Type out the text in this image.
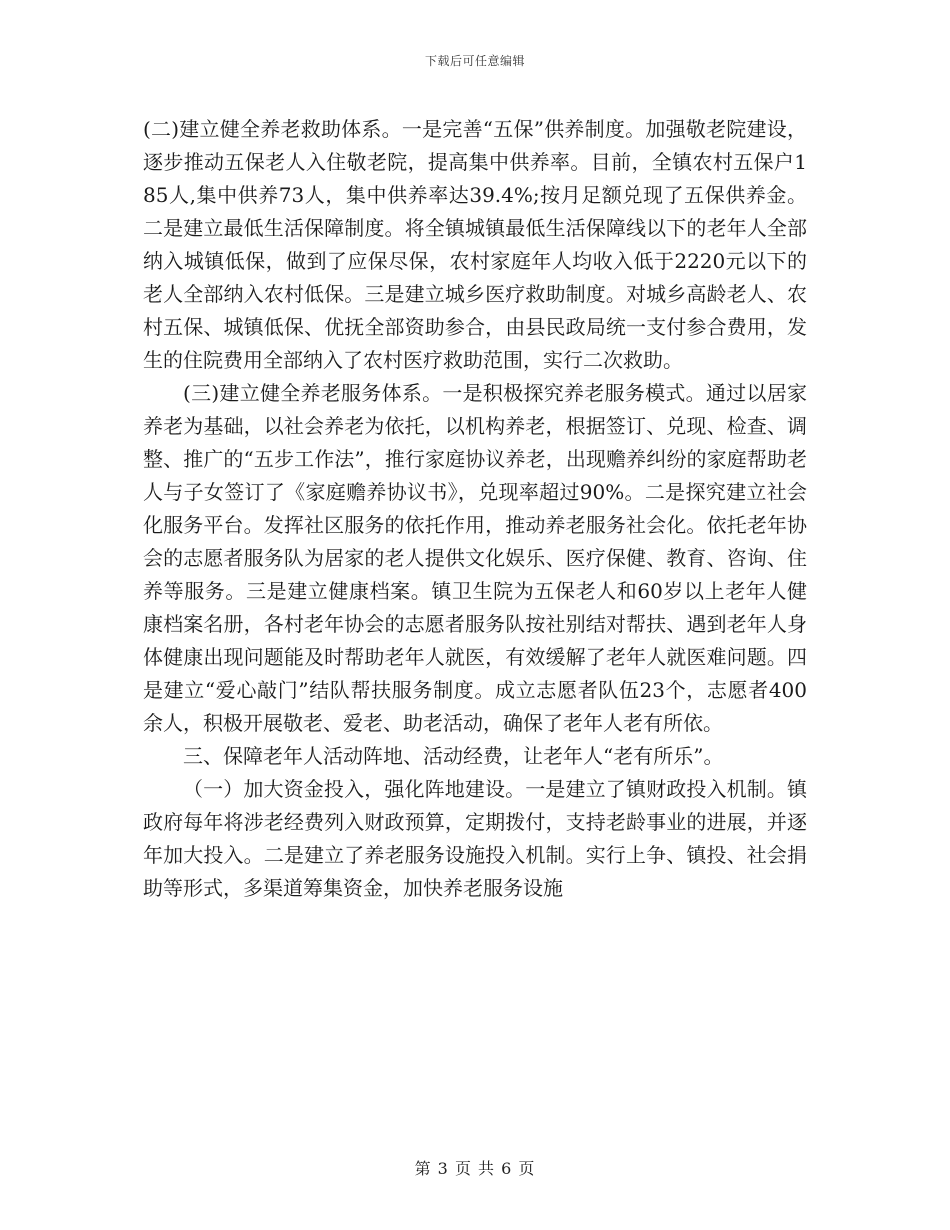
下载后可任意编辑

(二)建立健全养老救助体系。一是完善“五保”供养制度。加强敬老院建设，逐步推动五保老人入住敬老院，提高集中供养率。目前，全镇农村五保户185人,集中供养73人，集中供养率达39.4%;按月足额兑现了五保供养金。二是建立最低生活保障制度。将全镇城镇最低生活保障线以下的老年人全部纳入城镇低保，做到了应保尽保，农村家庭年人均收入低于2220元以下的老人全部纳入农村低保。三是建立城乡医疗救助制度。对城乡高龄老人、农村五保、城镇低保、优抚全部资助参合，由县民政局统一支付参合费用，发生的住院费用全部纳入了农村医疗救助范围，实行二次救助。

(三)建立健全养老服务体系。一是积极探究养老服务模式。通过以居家养老为基础，以社会养老为依托，以机构养老，根据签订、兑现、检查、调整、推广的“五步工作法”，推行家庭协议养老，出现赡养纠纷的家庭帮助老人与子女签订了《家庭赡养协议书》，兑现率超过90%。二是探究建立社会化服务平台。发挥社区服务的依托作用，推动养老服务社会化。依托老年协会的志愿者服务队为居家的老人提供文化娱乐、医疗保健、教育、咨询、住养等服务。三是建立健康档案。镇卫生院为五保老人和60岁以上老年人健康档案名册，各村老年协会的志愿者服务队按社别结对帮扶、遇到老年人身体健康出现问题能及时帮助老年人就医，有效缓解了老年人就医难问题。四是建立“爱心敲门”结队帮扶服务制度。成立志愿者队伍23个，志愿者400余人，积极开展敬老、爱老、助老活动，确保了老年人老有所依。

三、保障老年人活动阵地、活动经费，让老年人“老有所乐”。

（一）加大资金投入，强化阵地建设。一是建立了镇财政投入机制。镇政府每年将涉老经费列入财政预算，定期拨付，支持老龄事业的进展，并逐年加大投入。二是建立了养老服务设施投入机制。实行上争、镇投、社会捐助等形式，多渠道筹集资金，加快养老服务设施

第 3 页 共 6 页
